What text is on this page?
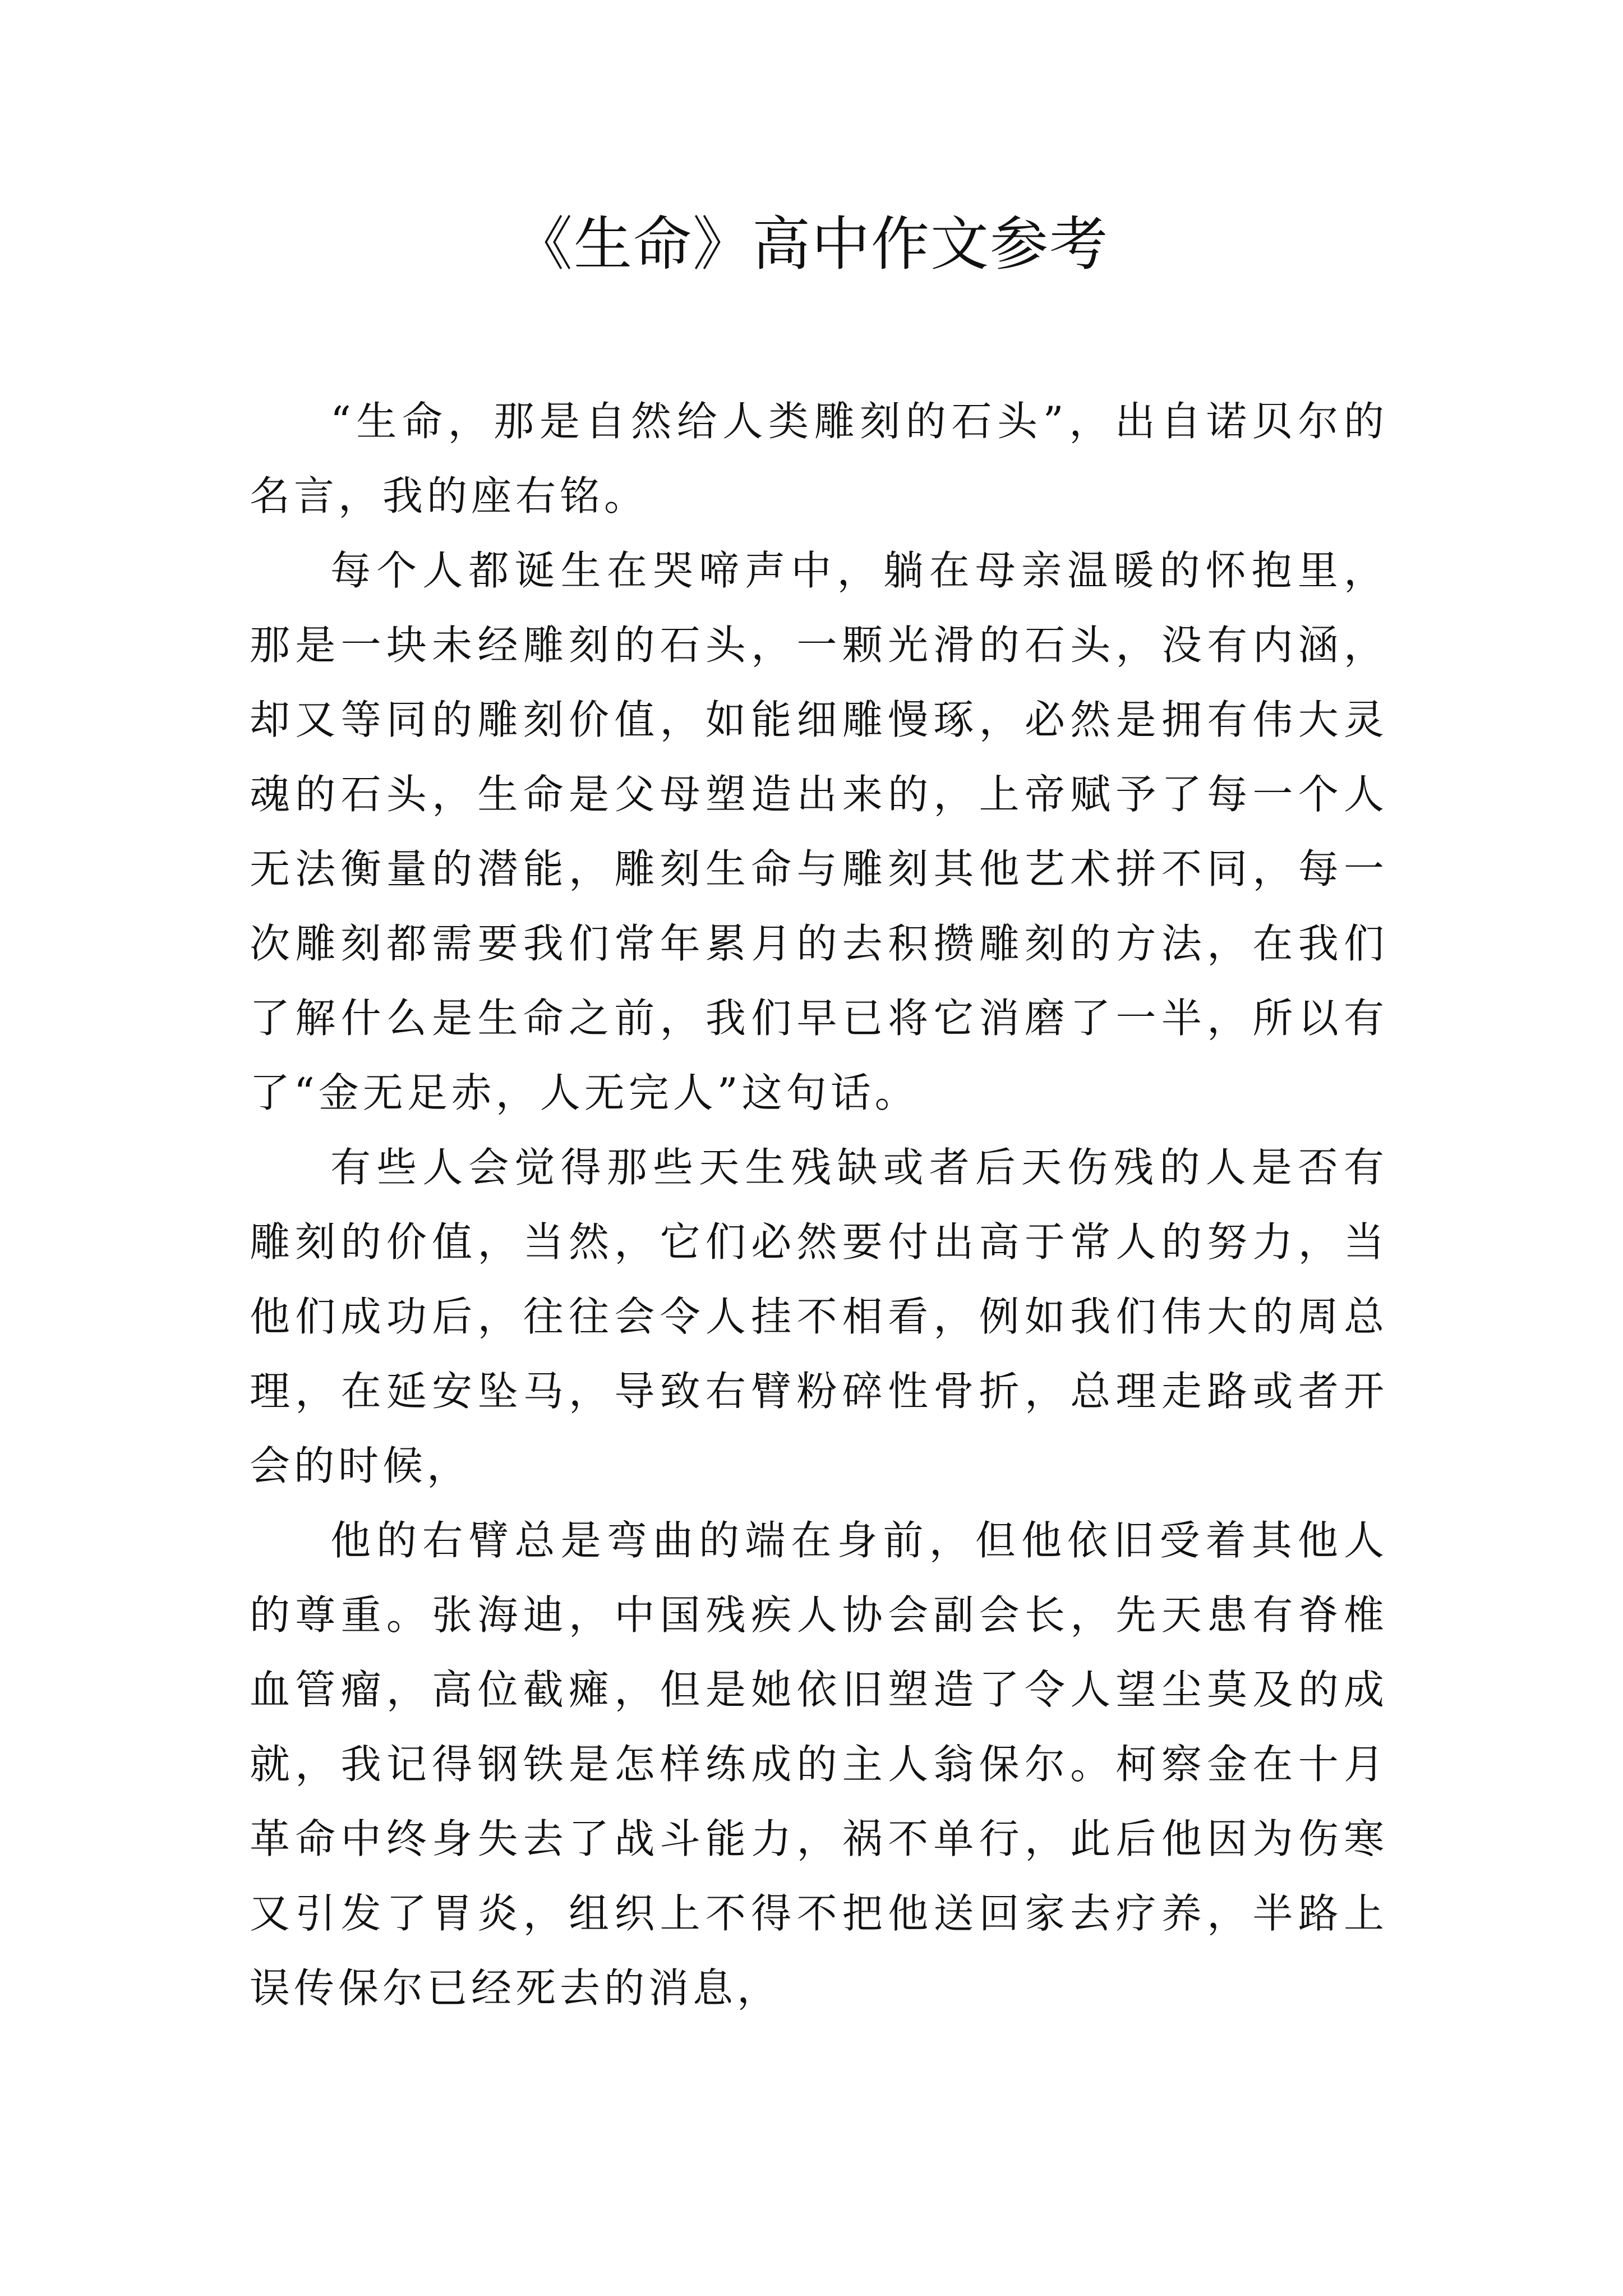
《生命》高中作文参考

“生命，那是自然给人类雕刻的石头”，出自诺贝尔的名言，我的座右铭。

每个人都诞生在哭啼声中，躺在母亲温暖的怀抱里，那是一块未经雕刻的石头，一颗光滑的石头，没有内涵，却又等同的雕刻价值，如能细雕慢琢，必然是拥有伟大灵魂的石头，生命是父母塑造出来的，上帝赋予了每一个人无法衡量的潜能，雕刻生命与雕刻其他艺术拼不同，每一次雕刻都需要我们常年累月的去积攒雕刻的方法，在我们了解什么是生命之前，我们早已将它消磨了一半，所以有了“金无足赤，人无完人”这句话。

有些人会觉得那些天生残缺或者后天伤残的人是否有雕刻的价值，当然，它们必然要付出高于常人的努力，当他们成功后，往往会令人挂不相看，例如我们伟大的周总理，在延安坠马，导致右臂粉碎性骨折，总理走路或者开会的时候，

他的右臂总是弯曲的端在身前，但他依旧受着其他人的尊重。张海迪，中国残疾人协会副会长，先天患有脊椎血管瘤，高位截瘫，但是她依旧塑造了令人望尘莫及的成就，我记得钢铁是怎样练成的主人翁保尔。柯察金在十月革命中终身失去了战斗能力，祸不单行，此后他因为伤寒又引发了胃炎，组织上不得不把他送回家去疗养，半路上误传保尔已经死去的消息，
